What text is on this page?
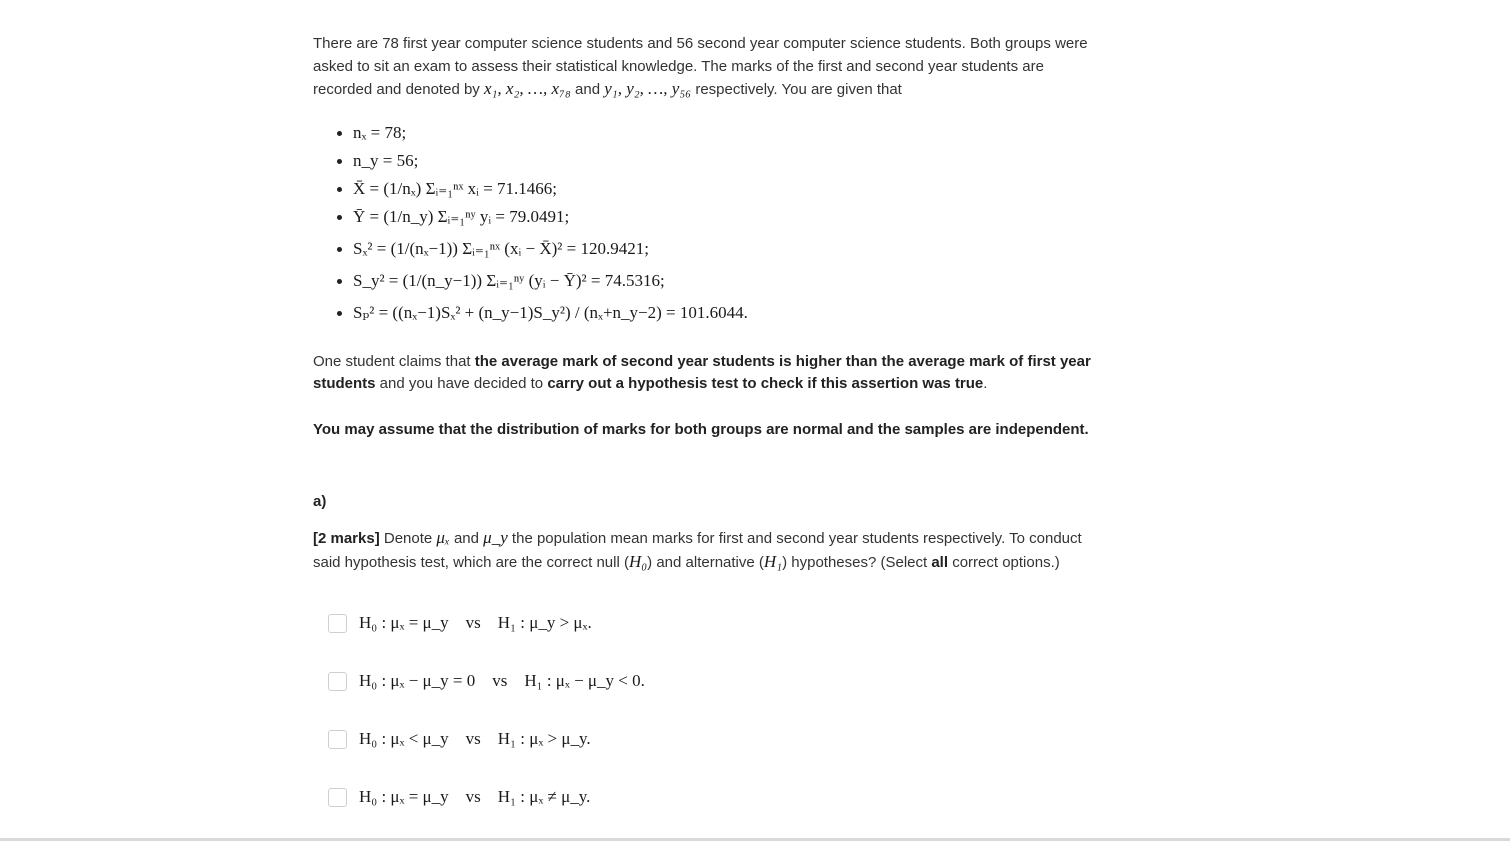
There are 78 first year computer science students and 56 second year computer science students. Both groups were asked to sit an exam to assess their statistical knowledge. The marks of the first and second year students are recorded and denoted by x₁, x₂, …, x₇₈ and y₁, y₂, …, y₅₆ respectively. You are given that

nₓ = 78;
n_y = 56;
X̄ = (1/nₓ) Σᵢ₌₁ⁿˣ xᵢ = 71.1466;
Ȳ = (1/n_y) Σᵢ₌₁ⁿʸ yᵢ = 79.0491;
Sₓ² = (1/(nₓ−1)) Σᵢ₌₁ⁿˣ (xᵢ − X̄)² = 120.9421;
S_y² = (1/(n_y−1)) Σᵢ₌₁ⁿʸ (yᵢ − Ȳ)² = 74.5316;
Sₚ² = ((nₓ−1)Sₓ² + (n_y−1)S_y²) / (nₓ+n_y−2) = 101.6044.

One student claims that the average mark of second year students is higher than the average mark of first year students and you have decided to carry out a hypothesis test to check if this assertion was true.

You may assume that the distribution of marks for both groups are normal and the samples are independent.

a)

[2 marks] Denote μₓ and μ_y the population mean marks for first and second year students respectively. To conduct said hypothesis test, which are the correct null (H₀) and alternative (H₁) hypotheses? (Select all correct options.)

H₀ : μₓ = μ_y    vs    H₁ : μ_y > μₓ.
H₀ : μₓ − μ_y = 0    vs    H₁ : μₓ − μ_y < 0.
H₀ : μₓ < μ_y    vs    H₁ : μₓ > μ_y.
H₀ : μₓ = μ_y    vs    H₁ : μₓ ≠ μ_y.
